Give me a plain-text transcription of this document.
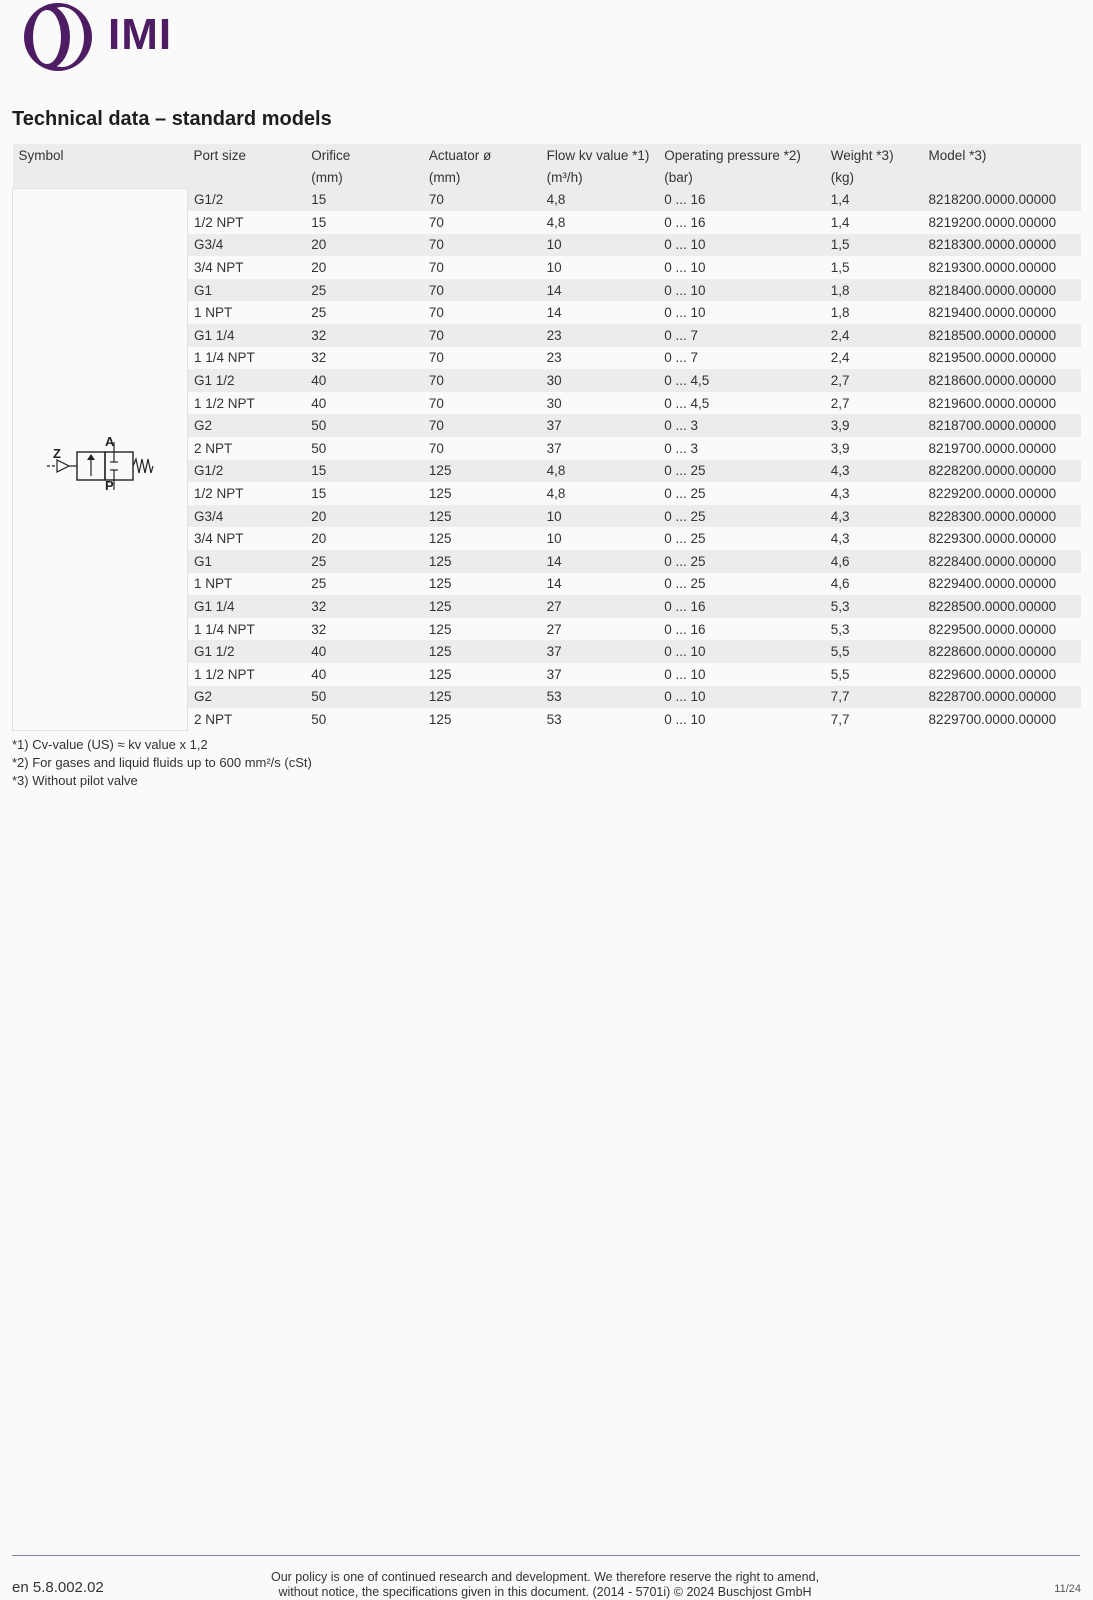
IMI
Technical data – standard models
Symbol	Port size	Orifice	Actuator ø	Flow kv value *1)	Operating pressure *2)	Weight *3)	Model *3)
		(mm)	(mm)	(m³/h)	(bar)	(kg)	

Z
A
P	G1/2	15	70	4,8	0 ... 16	1,4	8218200.0000.00000
	1/2 NPT	15	70	4,8	0 ... 16	1,4	8219200.0000.00000
	G3/4	20	70	10	0 ... 10	1,5	8218300.0000.00000
	3/4 NPT	20	70	10	0 ... 10	1,5	8219300.0000.00000
	G1	25	70	14	0 ... 10	1,8	8218400.0000.00000
	1 NPT	25	70	14	0 ... 10	1,8	8219400.0000.00000
	G1 1/4	32	70	23	0 ... 7	2,4	8218500.0000.00000
	1 1/4 NPT	32	70	23	0 ... 7	2,4	8219500.0000.00000
	G1 1/2	40	70	30	0 ... 4,5	2,7	8218600.0000.00000
	1 1/2 NPT	40	70	30	0 ... 4,5	2,7	8219600.0000.00000
	G2	50	70	37	0 ... 3	3,9	8218700.0000.00000
	2 NPT	50	70	37	0 ... 3	3,9	8219700.0000.00000
	G1/2	15	125	4,8	0 ... 25	4,3	8228200.0000.00000
	1/2 NPT	15	125	4,8	0 ... 25	4,3	8229200.0000.00000
	G3/4	20	125	10	0 ... 25	4,3	8228300.0000.00000
	3/4 NPT	20	125	10	0 ... 25	4,3	8229300.0000.00000
	G1	25	125	14	0 ... 25	4,6	8228400.0000.00000
	1 NPT	25	125	14	0 ... 25	4,6	8229400.0000.00000
	G1 1/4	32	125	27	0 ... 16	5,3	8228500.0000.00000
	1 1/4 NPT	32	125	27	0 ... 16	5,3	8229500.0000.00000
	G1 1/2	40	125	37	0 ... 10	5,5	8228600.0000.00000
	1 1/2 NPT	40	125	37	0 ... 10	5,5	8229600.0000.00000
	G2	50	125	53	0 ... 10	7,7	8228700.0000.00000
	2 NPT	50	125	53	0 ... 10	7,7	8229700.0000.00000
*1) Cv-value (US) ≈ kv value x 1,2
*2) For gases and liquid fluids up to 600 mm²/s (cSt)
*3) Without pilot valve
en 5.8.002.02
Our policy is one of continued research and development. We therefore reserve the right to amend,
without notice, the specifications given in this document. (2014 - 5701i) © 2024 Buschjost GmbH	11/24
